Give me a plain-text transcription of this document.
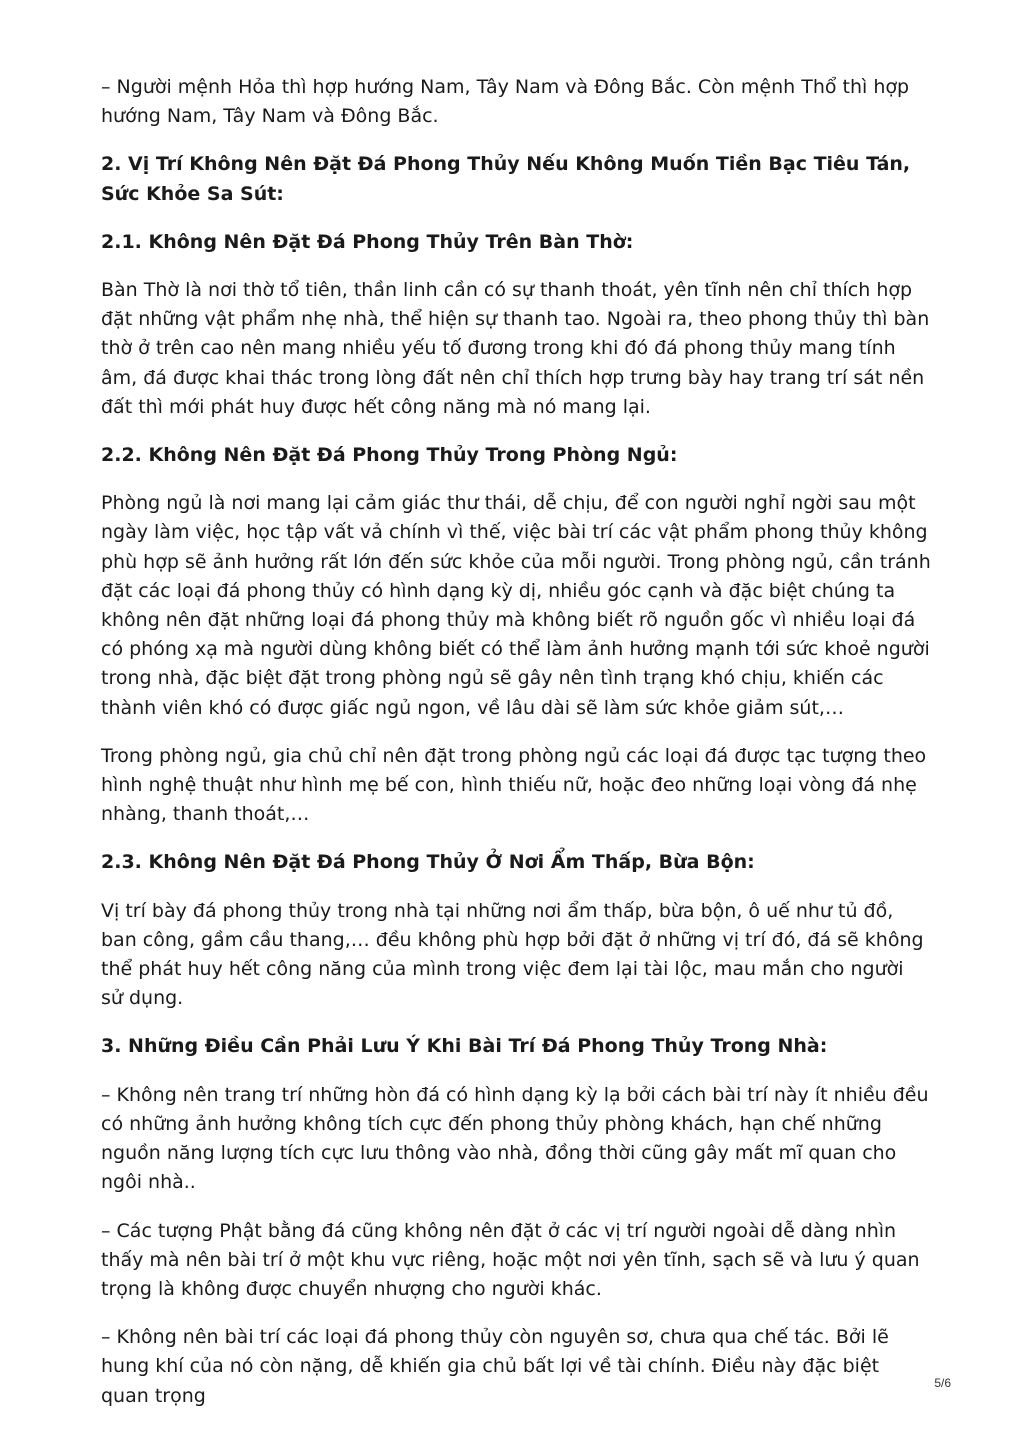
– Người mệnh Hỏa thì hợp hướng Nam, Tây Nam và Đông Bắc. Còn mệnh Thổ thì hợp hướng Nam, Tây Nam và Đông Bắc.

2. Vị Trí Không Nên Đặt Đá Phong Thủy Nếu Không Muốn Tiền Bạc Tiêu Tán, Sức Khỏe Sa Sút:

2.1. Không Nên Đặt Đá Phong Thủy Trên Bàn Thờ:

Bàn Thờ là nơi thờ tổ tiên, thần linh cần có sự thanh thoát, yên tĩnh nên chỉ thích hợp đặt những vật phẩm nhẹ nhà, thể hiện sự thanh tao. Ngoài ra, theo phong thủy thì bàn thờ ở trên cao nên mang nhiều yếu tố đương trong khi đó đá phong thủy mang tính âm, đá được khai thác trong lòng đất nên chỉ thích hợp trưng bày hay trang trí sát nền đất thì mới phát huy được hết công năng mà nó mang lại.

2.2. Không Nên Đặt Đá Phong Thủy Trong Phòng Ngủ:

Phòng ngủ là nơi mang lại cảm giác thư thái, dễ chịu, để con người nghỉ ngời sau một ngày làm việc, học tập vất vả chính vì thế, việc bài trí các vật phẩm phong thủy không phù hợp sẽ ảnh hưởng rất lớn đến sức khỏe của mỗi người. Trong phòng ngủ, cần tránh đặt các loại đá phong thủy có hình dạng kỳ dị, nhiều góc cạnh và đặc biệt chúng ta không nên đặt những loại đá phong thủy mà không biết rõ nguồn gốc vì nhiều loại đá có phóng xạ mà người dùng không biết có thể làm ảnh hưởng mạnh tới sức khoẻ người trong nhà, đặc biệt đặt trong phòng ngủ sẽ gây nên tình trạng khó chịu, khiến các thành viên khó có được giấc ngủ ngon, về lâu dài sẽ làm sức khỏe giảm sút,…

Trong phòng ngủ, gia chủ chỉ nên đặt trong phòng ngủ các loại đá được tạc tượng theo hình nghệ thuật như hình mẹ bế con, hình thiếu nữ, hoặc đeo những loại vòng đá nhẹ nhàng, thanh thoát,…

2.3. Không Nên Đặt Đá Phong Thủy Ở Nơi Ẩm Thấp, Bừa Bộn:

Vị trí bày đá phong thủy trong nhà tại những nơi ẩm thấp, bừa bộn, ô uế như tủ đồ, ban công, gầm cầu thang,… đều không phù hợp bởi đặt ở những vị trí đó, đá sẽ không thể phát huy hết công năng của mình trong việc đem lại tài lộc, mau mắn cho người sử dụng.

3. Những Điều Cần Phải Lưu Ý Khi Bài Trí Đá Phong Thủy Trong Nhà:

– Không nên trang trí những hòn đá có hình dạng kỳ lạ bởi cách bài trí này ít nhiều đều có những ảnh hưởng không tích cực đến phong thủy phòng khách, hạn chế những nguồn năng lượng tích cực lưu thông vào nhà, đồng thời cũng gây mất mĩ quan cho ngôi nhà..

– Các tượng Phật bằng đá cũng không nên đặt ở các vị trí người ngoài dễ dàng nhìn thấy mà nên bài trí ở một khu vực riêng, hoặc một nơi yên tĩnh, sạch sẽ và lưu ý quan trọng là không được chuyển nhượng cho người khác.

– Không nên bài trí các loại đá phong thủy còn nguyên sơ, chưa qua chế tác. Bởi lẽ hung khí của nó còn nặng, dễ khiến gia chủ bất lợi về tài chính. Điều này đặc biệt quan trọng

5/6
